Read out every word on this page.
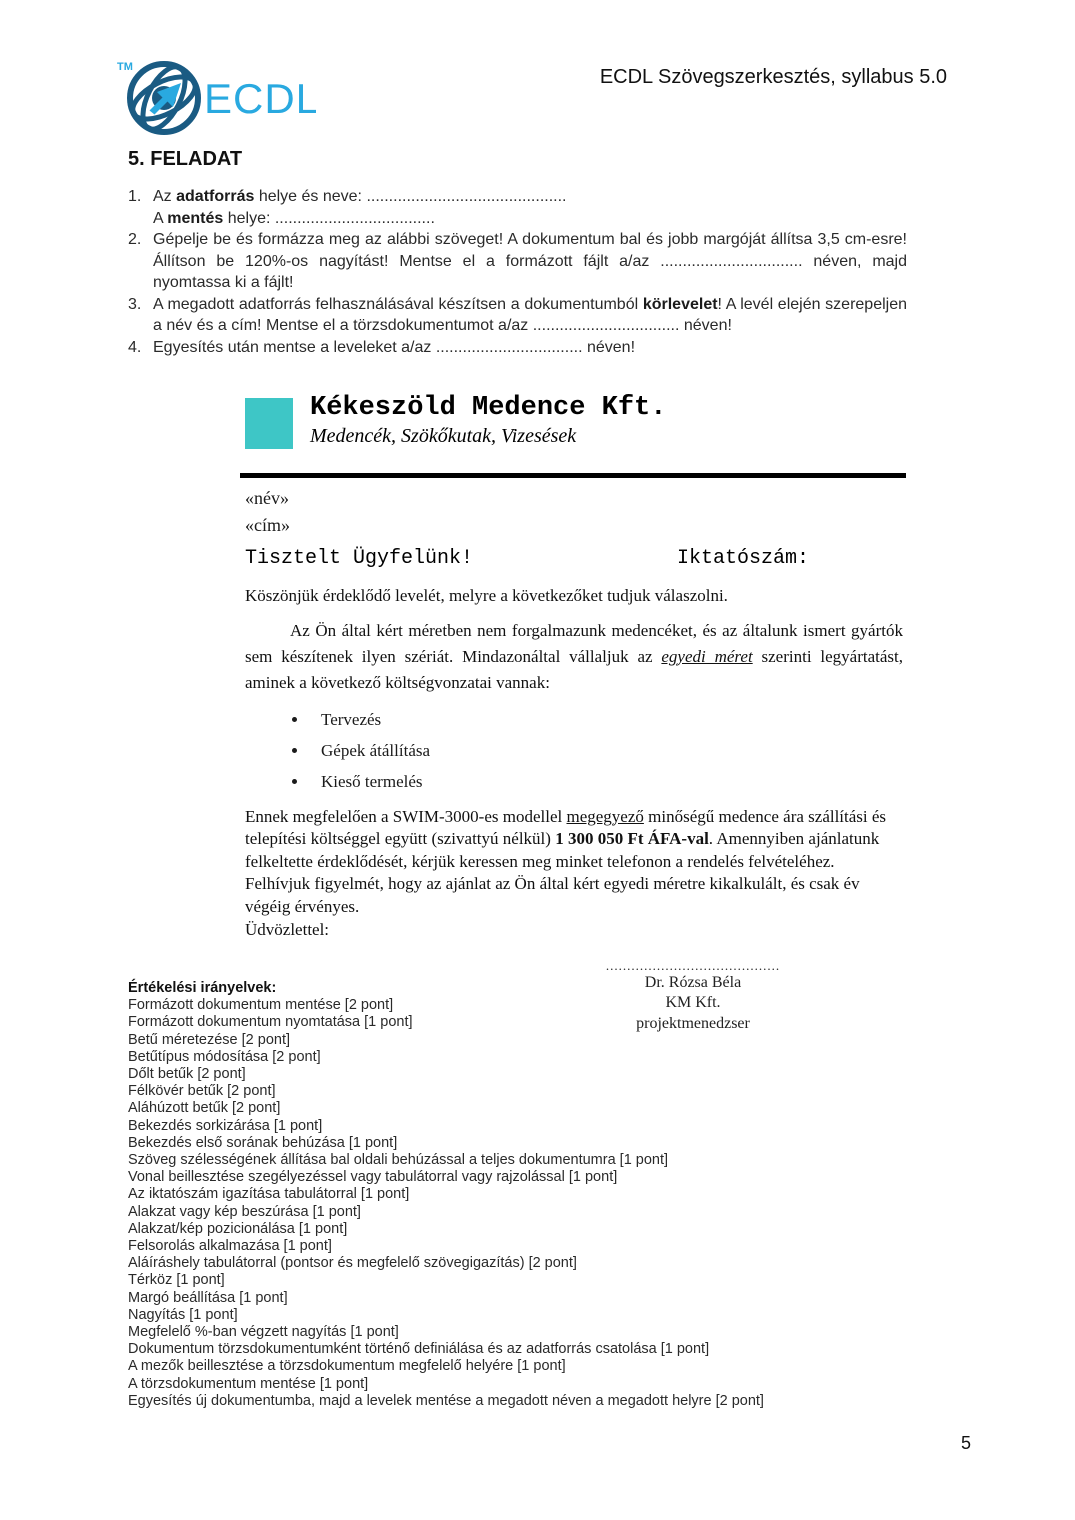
TM
ECDL	ECDL Szövegszerkesztés, syllabus 5.0
5. FELADAT
1. Az adatforrás helye és neve: .............................................
A mentés helye: ....................................
2. Gépelje be és formázza meg az alábbi szöveget! A dokumentum bal és jobb margóját állítsa 3,5 cm-esre! Állítson be 120%-os nagyítást! Mentse el a formázott fájlt a/az ................................ néven, majd nyomtassa ki a fájlt!
3. A megadott adatforrás felhasználásával készítsen a dokumentumból körlevelet! A levél elején szerepeljen a név és a cím! Mentse el a törzsdokumentumot a/az ................................. néven!
4. Egyesítés után mentse a leveleket a/az ................................. néven!
Kékeszöld Medence Kft.
Medencék, Szökőkutak, Vizesések
«név»
«cím»
Tisztelt Ügyfelünk!	Iktatószám:

Köszönjük érdeklődő levelét, melyre a következőket tudjuk válaszolni.

Az Ön által kért méretben nem forgalmazunk medencéket, és az általunk ismert gyártók sem készítenek ilyen szériát. Mindazonáltal vállaljuk az egyedi méret szerinti legyártatást, aminek a következő költségvonzatai vannak:

• Tervezés
• Gépek átállítása
• Kieső termelés

Ennek megfelelően a SWIM-3000-es modellel megegyező minőségű medence ára szállítási és telepítési költséggel együtt (szivattyú nélkül) 1 300 050 Ft ÁFA-val. Amennyiben ajánlatunk felkeltette érdeklődését, kérjük keressen meg minket telefonon a rendelés felvételéhez. Felhívjuk figyelmét, hogy az ajánlat az Ön által kért egyedi méretre kikalkulált, és csak év végéig érvényes.

Üdvözlettel:

.........................................
Dr. Rózsa Béla
KM Kft.
projektmenedzser
Értékelési irányelvek:
Formázott dokumentum mentése [2 pont]
Formázott dokumentum nyomtatása [1 pont]
Betű méretezése [2 pont]
Betűtípus módosítása [2 pont]
Dőlt betűk [2 pont]
Félkövér betűk [2 pont]
Aláhúzott betűk [2 pont]
Bekezdés sorkizárása [1 pont]
Bekezdés első sorának behúzása [1 pont]
Szöveg szélességének állítása bal oldali behúzással a teljes dokumentumra [1 pont]
Vonal beillesztése szegélyezéssel vagy tabulátorral vagy rajzolással [1 pont]
Az iktatószám igazítása tabulátorral [1 pont]
Alakzat vagy kép beszúrása [1 pont]
Alakzat/kép pozicionálása [1 pont]
Felsorolás alkalmazása [1 pont]
Aláíráshely tabulátorral (pontsor és megfelelő szövegigazítás) [2 pont]
Térköz [1 pont]
Margó beállítása [1 pont]
Nagyítás [1 pont]
Megfelelő %-ban végzett nagyítás [1 pont]
Dokumentum törzsdokumentumként történő definiálása és az adatforrás csatolása [1 pont]
A mezők beillesztése a törzsdokumentum megfelelő helyére [1 pont]
A törzsdokumentum mentése [1 pont]
Egyesítés új dokumentumba, majd a levelek mentése a megadott néven a megadott helyre [2 pont]
5
